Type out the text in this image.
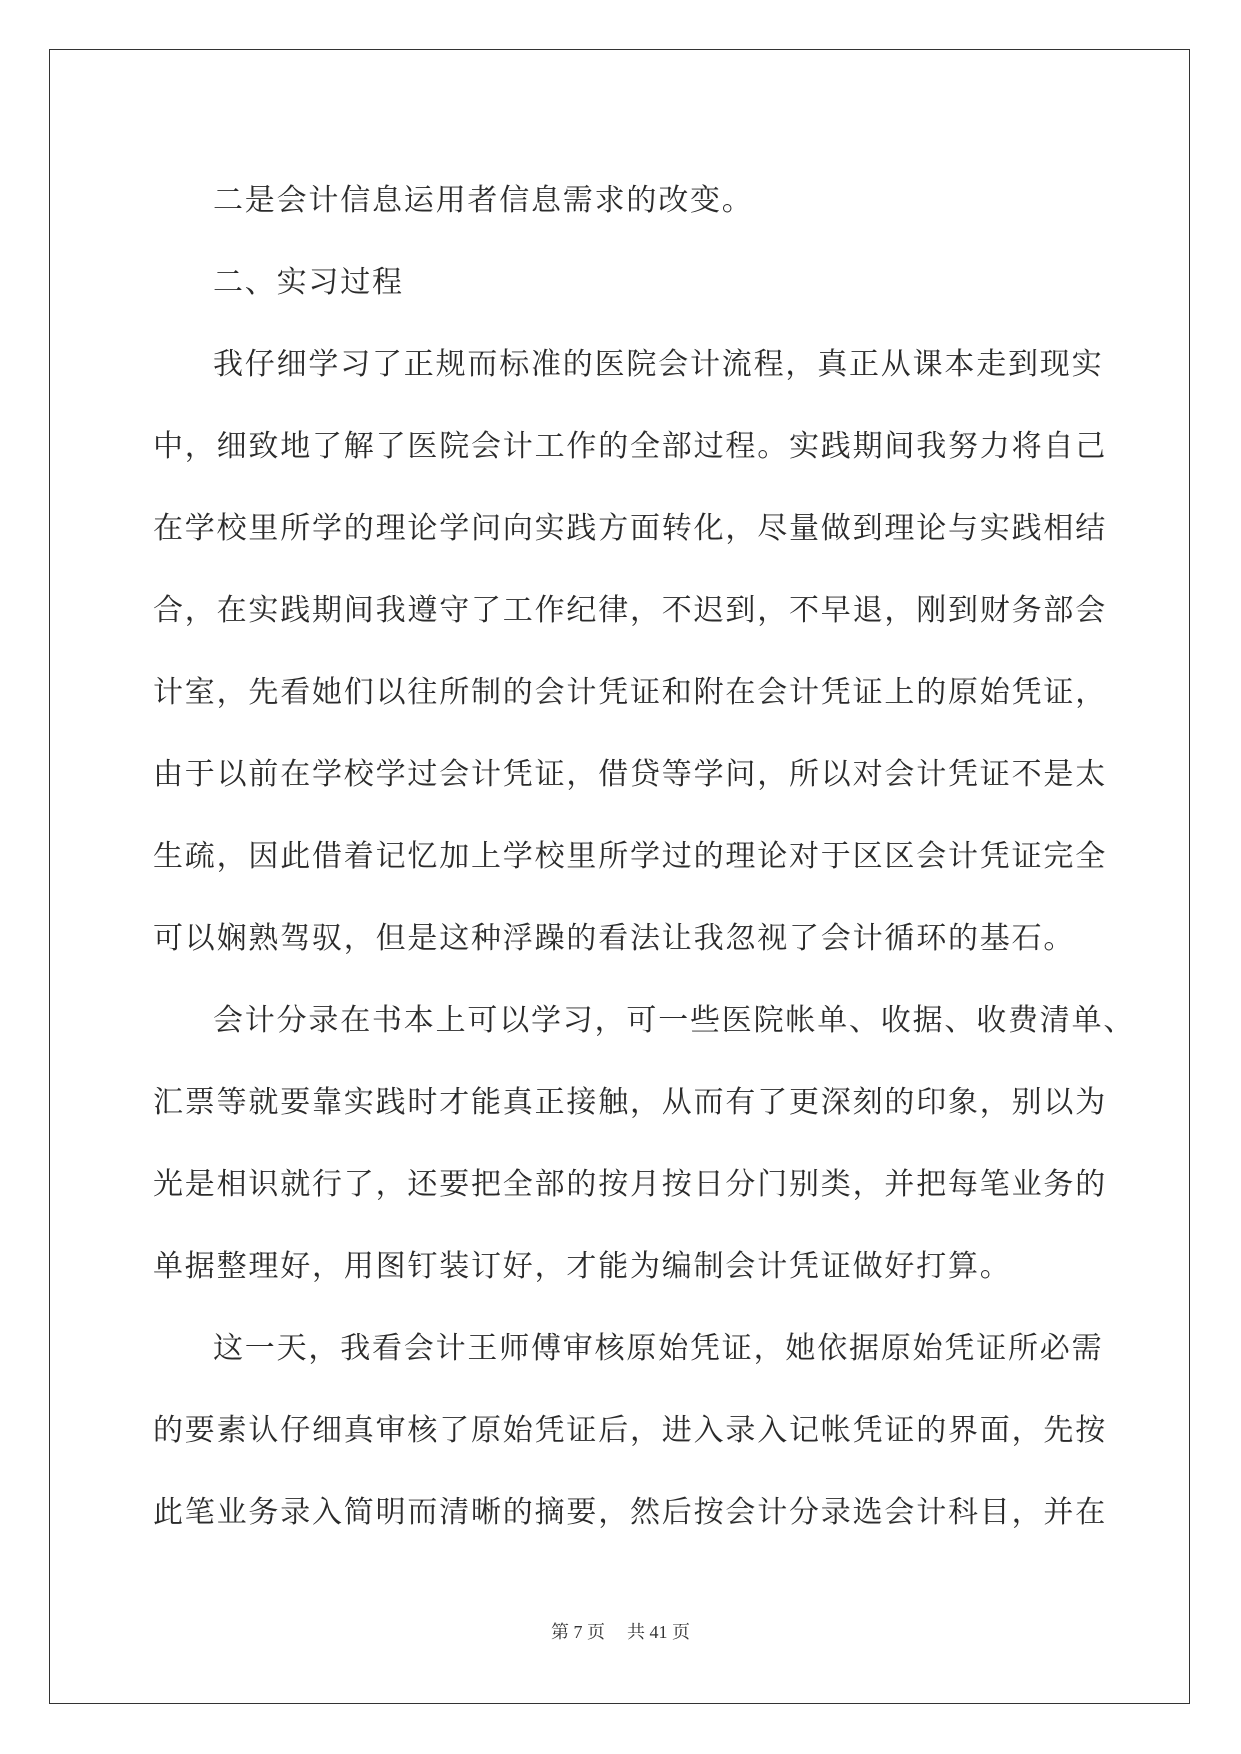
二是会计信息运用者信息需求的改变。
二、实习过程
我仔细学习了正规而标准的医院会计流程，真正从课本走到现实
中，细致地了解了医院会计工作的全部过程。实践期间我努力将自己
在学校里所学的理论学问向实践方面转化，尽量做到理论与实践相结
合，在实践期间我遵守了工作纪律，不迟到，不早退，刚到财务部会
计室，先看她们以往所制的会计凭证和附在会计凭证上的原始凭证，
由于以前在学校学过会计凭证，借贷等学问，所以对会计凭证不是太
生疏，因此借着记忆加上学校里所学过的理论对于区区会计凭证完全
可以娴熟驾驭，但是这种浮躁的看法让我忽视了会计循环的基石。
会计分录在书本上可以学习，可一些医院帐单、收据、收费清单、
汇票等就要靠实践时才能真正接触，从而有了更深刻的印象，别以为
光是相识就行了，还要把全部的按月按日分门别类，并把每笔业务的
单据整理好，用图钉装订好，才能为编制会计凭证做好打算。
这一天，我看会计王师傅审核原始凭证，她依据原始凭证所必需
的要素认仔细真审核了原始凭证后，进入录入记帐凭证的界面，先按
此笔业务录入简明而清晰的摘要，然后按会计分录选会计科目，并在
第 7 页 共 41 页
